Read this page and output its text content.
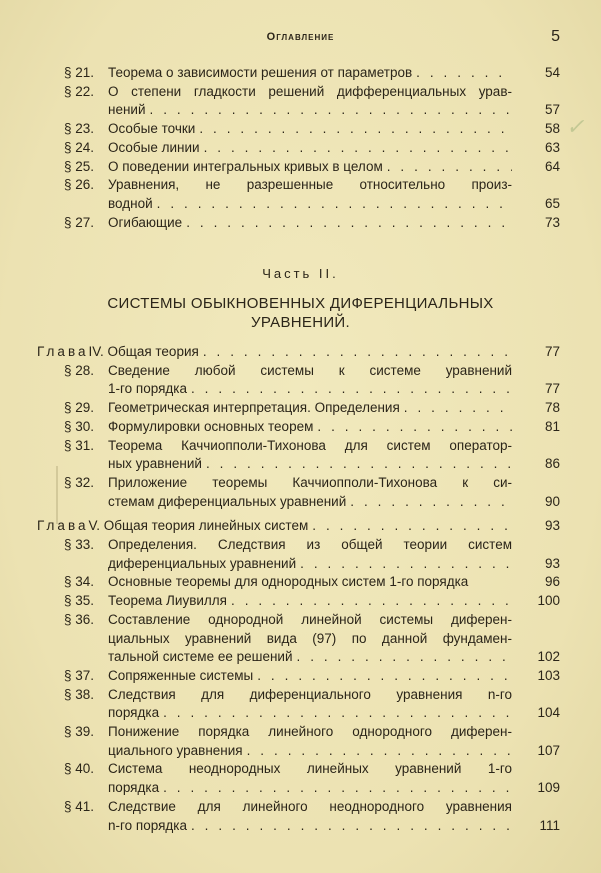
Оглавление	5
✓
§ 21.	Теорема о зависимости решения от параметров . . .	54
§ 22.	О степени гладкости решений дифференциальных урав-
нений . . .	57
§ 23.	Особые точки . . .	58
§ 24.	Особые линии . . .	63
§ 25.	О поведении интегральных кривых в целом . . .	64
§ 26.	Уравнения, не разрешенные относительно произ-
водной . . .	65
§ 27.	Огибающие . . .	73
Часть II.
СИСТЕМЫ ОБЫКНОВЕННЫХ ДИФЕРЕНЦИАЛЬНЫХ
УРАВНЕНИЙ.
Глава IV. Общая теория . . .	77
§ 28.	Сведение любой системы к системе уравнений
1-го порядка . . .	77
§ 29.	Геометрическая интерпретация. Определения . . .	78
§ 30.	Формулировки основных теорем . . .	81
§ 31.	Теорема Каччиопполи-Тихонова для систем оператор-
ных уравнений . . .	86
§ 32.	Приложение теоремы Каччиопполи-Тихонова к си-
стемам диференциальных уравнений . . .	90
Глава V. Общая теория линейных систем . . .	93
§ 33.	Определения. Следствия из общей теории систем
диференциальных уравнений . . .	93
§ 34.	Основные теоремы для однородных систем 1-го порядка	96
§ 35.	Теорема Лиувилля . . .	100
§ 36.	Составление однородной линейной системы диферен-
циальных уравнений вида (97) по данной фундамен-
тальной системе ее решений . . .	102
§ 37.	Сопряженные системы . . .	103
§ 38.	Следствия для диференциального уравнения n-го
порядка . . .	104
§ 39.	Понижение порядка линейного однородного диферен-
циального уравнения . . .	107
§ 40.	Система неоднородных линейных уравнений 1-го
порядка . . .	109
§ 41.	Следствие для линейного неоднородного уравнения
n-го порядка . . .	111
